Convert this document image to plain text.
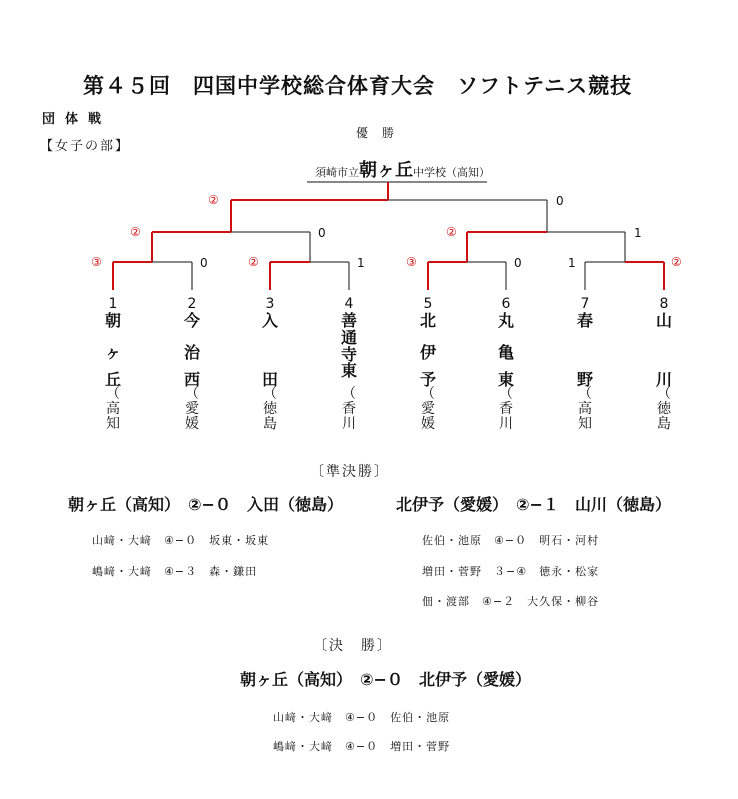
第４５回　四国中学校総合体育大会　ソフトテニス競技
団体戦
【女子の部】
優勝
須崎市立朝ヶ丘中学校（高知）
②	0
②	0	②	1
③	0	②	1	③	0	1	②
1
朝
ヶ
丘
（
高
知
2
今
治
西
（
愛
媛
3
入
田
（
徳
島
4
善
通
寺
東
（
香
川
5
北
伊
予
（
愛
媛
6
丸
亀
東
（
香
川
7
春
野
（
高
知
8
山
川
（
徳
島
〔準決勝〕
朝ヶ丘（高知）　②−０　入田（徳島）
山﨑・大﨑　④−０　坂東・坂東
嶋﨑・大﨑　④−３　森・鎌田
北伊予（愛媛）　②−１　山川（徳島）
佐伯・池原　④−０　明石・河村
増田・菅野　３−④　徳永・松家
佃・渡部　④−２　大久保・柳谷
〔決　勝〕
朝ヶ丘（高知）　②−０　北伊予（愛媛）
山﨑・大﨑　④−０　佐伯・池原
嶋﨑・大﨑　④−０　増田・菅野
